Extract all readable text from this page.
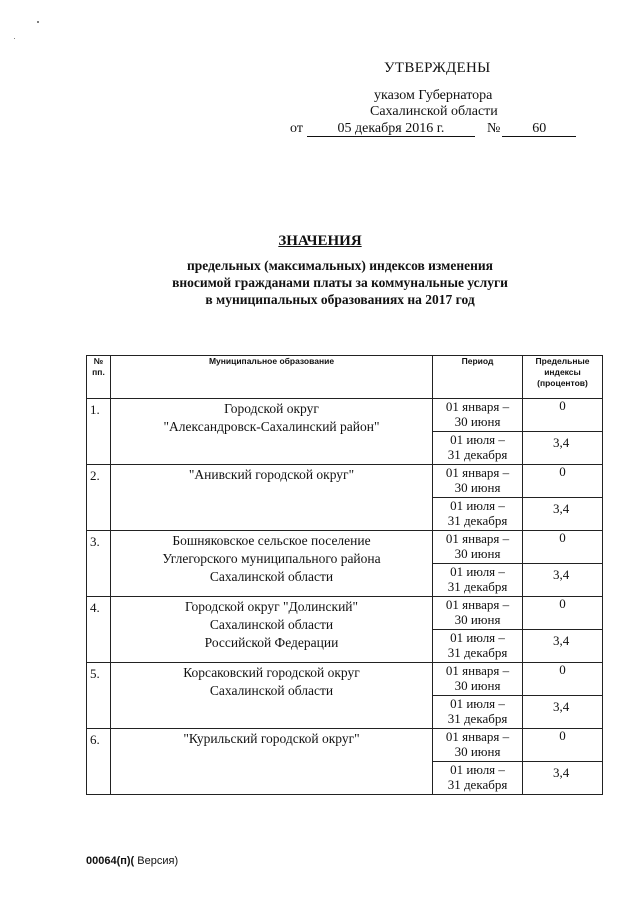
УТВЕРЖДЕНЫ
указом Губернатора
Сахалинской области
от 05 декабря 2016 г.	№ 60
ЗНАЧЕНИЯ
предельных (максимальных) индексов изменения
вносимой гражданами платы за коммунальные услуги
в муниципальных образованиях на 2017 год
№
пп.	Муниципальное образование	Период	Предельные
индексы
(процентов)
1.	Городской округ
"Александровск-Сахалинский район"	01 января –
30 июня	0
		01 июля –
31 декабря	3,4
2.	"Анивский городской округ"	01 января –
30 июня	0
		01 июля –
31 декабря	3,4
3.	Бошняковское сельское поселение
Углегорского муниципального района
Сахалинской области	01 января –
30 июня	0
		01 июля –
31 декабря	3,4
4.	Городской округ "Долинский"
Сахалинской области
Российской Федерации	01 января –
30 июня	0
		01 июля –
31 декабря	3,4
5.	Корсаковский городской округ
Сахалинской области	01 января –
30 июня	0
		01 июля –
31 декабря	3,4
6.	"Курильский городской округ"	01 января –
30 июня	0
		01 июля –
31 декабря	3,4
00064(п)( Версия)
